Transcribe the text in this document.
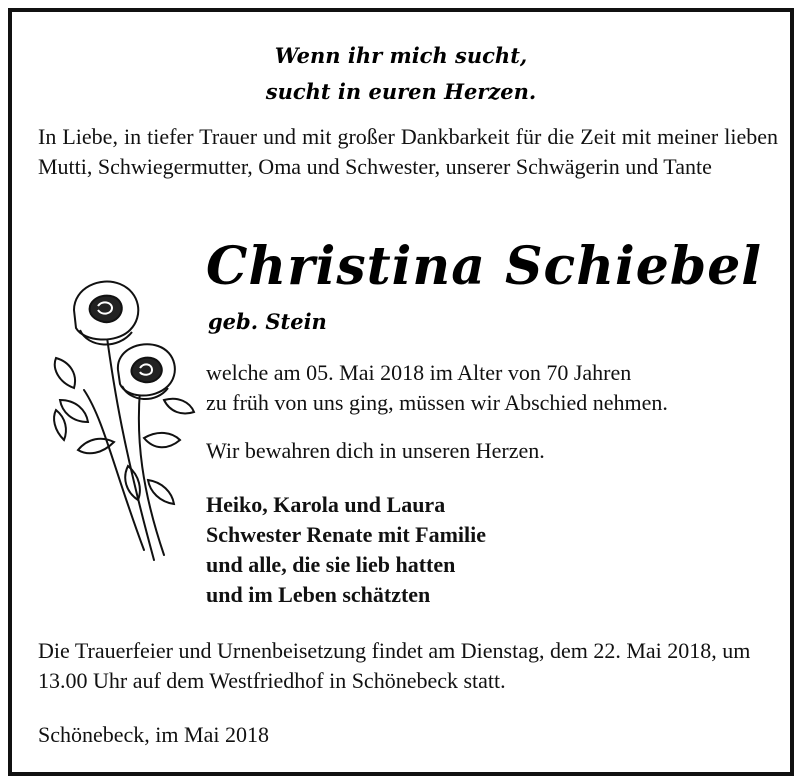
Wenn ihr mich sucht,
sucht in euren Herzen.
In Liebe, in tiefer Trauer und mit großer Dankbarkeit für die Zeit mit meiner lieben Mutti, Schwiegermutter, Oma und Schwester, unserer Schwägerin und Tante
Christina Schiebel
geb. Stein
welche am 05. Mai 2018 im Alter von 70 Jahren
zu früh von uns ging, müssen wir Abschied nehmen.
Wir bewahren dich in unseren Herzen.
Heiko, Karola und Laura
Schwester Renate mit Familie
und alle, die sie lieb hatten
und im Leben schätzten
Die Trauerfeier und Urnenbeisetzung findet am Dienstag, dem 22. Mai 2018, um 13.00 Uhr auf dem Westfriedhof in Schönebeck statt.
Schönebeck, im Mai 2018
